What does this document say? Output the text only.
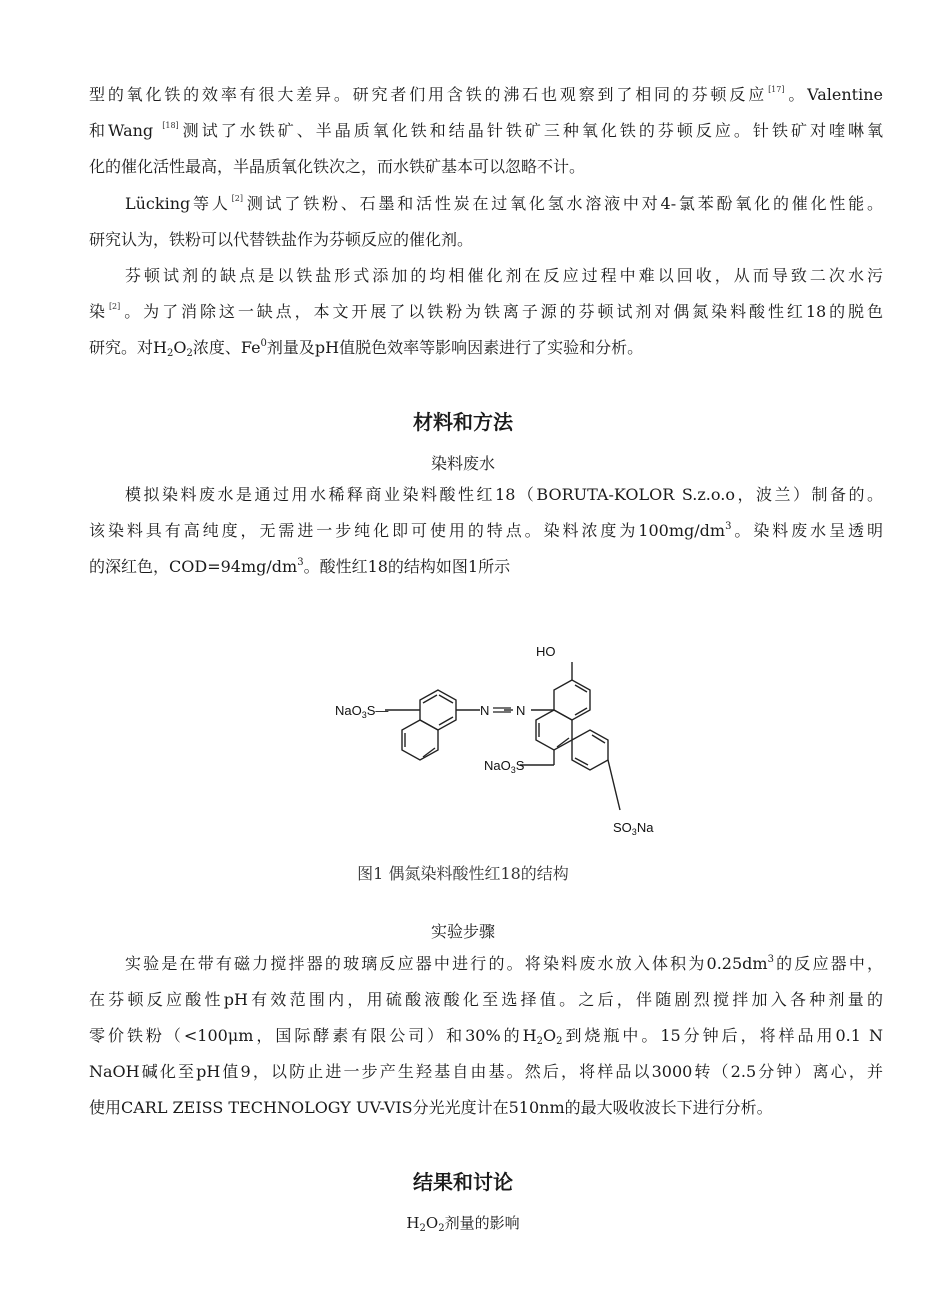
型的氧化铁的效率有很大差异。研究者们用含铁的沸石也观察到了相同的芬顿反应[17]。Valentine
和Wang [18]测试了水铁矿、半晶质氧化铁和结晶针铁矿三种氧化铁的芬顿反应。针铁矿对喹啉氧
化的催化活性最高，半晶质氧化铁次之，而水铁矿基本可以忽略不计。
Lücking等人[2]测试了铁粉、石墨和活性炭在过氧化氢水溶液中对4-氯苯酚氧化的催化性能。
研究认为，铁粉可以代替铁盐作为芬顿反应的催化剂。
芬顿试剂的缺点是以铁盐形式添加的均相催化剂在反应过程中难以回收，从而导致二次水污
染[2]。为了消除这一缺点，本文开展了以铁粉为铁离子源的芬顿试剂对偶氮染料酸性红18的脱色
研究。对$H_2O_2$浓度、Fe$^0$剂量及pH值脱色效率等影响因素进行了实验和分析。
材料和方法
染料废水
模拟染料废水是通过用水稀释商业染料酸性红18（BORUTA-KOLOR S.z.o.o，波兰）制备的。
该染料具有高纯度，无需进一步纯化即可使用的特点。染料浓度为$100mg/dm^3$。染料废水呈透明
的深红色，$COD=94mg/dm^3$。酸性红18的结构如图1所示
HO
NaO$_3$S—	N N
NaO$_3$S
$SO_3Na$
图1 偶氮染料酸性红18的结构
实验步骤
实验是在带有磁力搅拌器的玻璃反应器中进行的。将染料废水放入体积为$0.25dm^3$的反应器中，
在芬顿反应酸性pH有效范围内，用硫酸液酸化至选择值。之后，伴随剧烈搅拌加入各种剂量的
零价铁粉（<100μm，国际酵素有限公司）和30%的$H_2O_2$到烧瓶中。15分钟后，将样品用0.1 N
NaOH碱化至pH值9，以防止进一步产生羟基自由基。然后，将样品以3000转（2.5分钟）离心，并
使用CARL ZEISS TECHNOLOGY UV-VIS分光光度计在510nm的最大吸收波长下进行分析。
结果和讨论
$H_2O_2$剂量的影响
